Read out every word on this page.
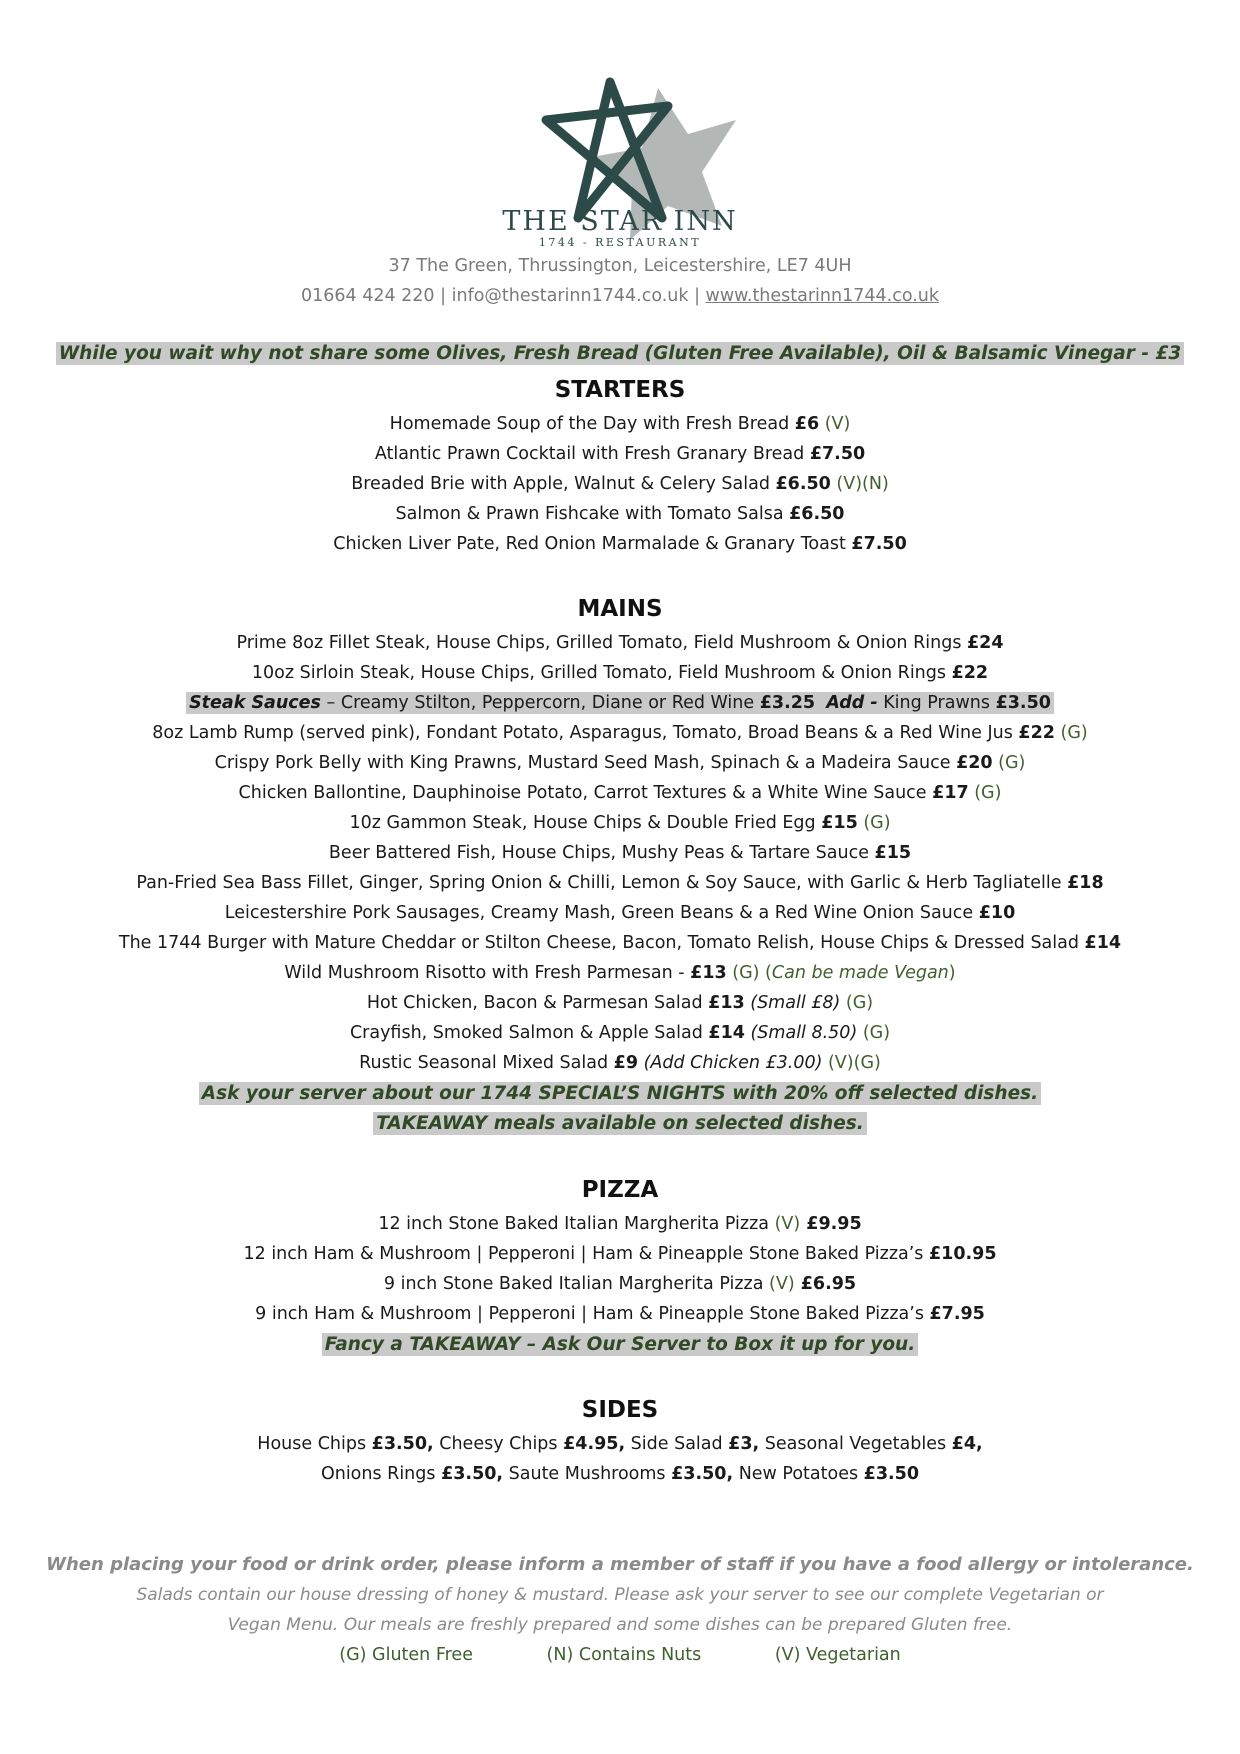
THE STAR INN
1744 - RESTAURANT
37 The Green, Thrussington, Leicestershire, LE7 4UH
01664 424 220 | info@thestarinn1744.co.uk | www.thestarinn1744.co.uk
While you wait why not share some Olives, Fresh Bread (Gluten Free Available), Oil & Balsamic Vinegar - £3
STARTERS
Homemade Soup of the Day with Fresh Bread £6 (V)
Atlantic Prawn Cocktail with Fresh Granary Bread £7.50
Breaded Brie with Apple, Walnut & Celery Salad £6.50 (V)(N)
Salmon & Prawn Fishcake with Tomato Salsa £6.50
Chicken Liver Pate, Red Onion Marmalade & Granary Toast £7.50
MAINS
Prime 8oz Fillet Steak, House Chips, Grilled Tomato, Field Mushroom & Onion Rings £24
10oz Sirloin Steak, House Chips, Grilled Tomato, Field Mushroom & Onion Rings £22
Steak Sauces – Creamy Stilton, Peppercorn, Diane or Red Wine £3.25 Add - King Prawns £3.50
8oz Lamb Rump (served pink), Fondant Potato, Asparagus, Tomato, Broad Beans & a Red Wine Jus £22 (G)
Crispy Pork Belly with King Prawns, Mustard Seed Mash, Spinach & a Madeira Sauce £20 (G)
Chicken Ballontine, Dauphinoise Potato, Carrot Textures & a White Wine Sauce £17 (G)
10z Gammon Steak, House Chips & Double Fried Egg £15 (G)
Beer Battered Fish, House Chips, Mushy Peas & Tartare Sauce £15
Pan-Fried Sea Bass Fillet, Ginger, Spring Onion & Chilli, Lemon & Soy Sauce, with Garlic & Herb Tagliatelle £18
Leicestershire Pork Sausages, Creamy Mash, Green Beans & a Red Wine Onion Sauce £10
The 1744 Burger with Mature Cheddar or Stilton Cheese, Bacon, Tomato Relish, House Chips & Dressed Salad £14
Wild Mushroom Risotto with Fresh Parmesan - £13 (G) (Can be made Vegan)
Hot Chicken, Bacon & Parmesan Salad £13 (Small £8) (G)
Crayfish, Smoked Salmon & Apple Salad £14 (Small 8.50) (G)
Rustic Seasonal Mixed Salad £9 (Add Chicken £3.00) (V)(G)
Ask your server about our 1744 SPECIAL’S NIGHTS with 20% off selected dishes.
TAKEAWAY meals available on selected dishes.
PIZZA
12 inch Stone Baked Italian Margherita Pizza (V) £9.95
12 inch Ham & Mushroom | Pepperoni | Ham & Pineapple Stone Baked Pizza’s £10.95
9 inch Stone Baked Italian Margherita Pizza (V) £6.95
9 inch Ham & Mushroom | Pepperoni | Ham & Pineapple Stone Baked Pizza’s £7.95
Fancy a TAKEAWAY – Ask Our Server to Box it up for you.
SIDES
House Chips £3.50, Cheesy Chips £4.95, Side Salad £3, Seasonal Vegetables £4,
Onions Rings £3.50, Saute Mushrooms £3.50, New Potatoes £3.50
When placing your food or drink order, please inform a member of staff if you have a food allergy or intolerance.
Salads contain our house dressing of honey & mustard. Please ask your server to see our complete Vegetarian or
Vegan Menu. Our meals are freshly prepared and some dishes can be prepared Gluten free.
(G) Gluten Free	(N) Contains Nuts	(V) Vegetarian
